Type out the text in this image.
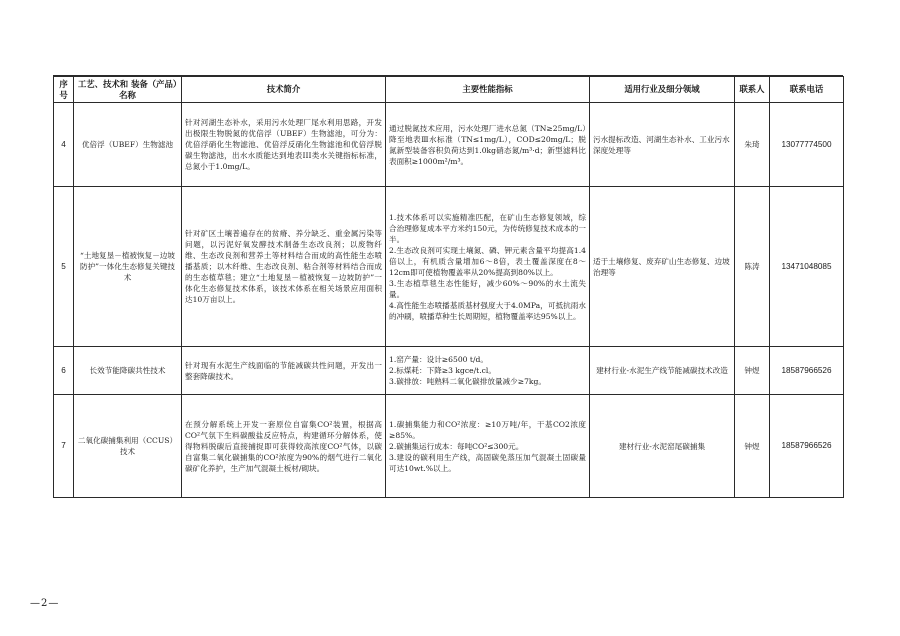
序号	工艺、技术和 装备（产品）名称	技术简介	主要性能指标	适用行业及细分领域	联系人	联系电话
4	优倍浮（UBEF）生物滤池	针对河湖生态补水，采用污水处理厂尾水利用思路，开发出极限生物脱氮的优倍浮（UBEF）生物滤池，可分为：优倍浮硝化生物滤池、优倍浮反硝化生物滤池和优倍浮脱碳生物滤池，出水水质能达到地表III类水关键指标标准，总氮小于1.0mg/L。	通过脱氮技术应用，污水处理厂进水总氮（TN≥25mg/L）降至地表Ⅲ水标准（TN≤1mg/L），COD≤20mg/L；脱氮新型装备容积负荷达到1.0kg硝态氮/m³·d；新型滤料比表面积≥1000m²/m³。	污水提标改造、河湖生态补水、工业污水深度处理等	朱琦	13077774500
5	“土地复垦－植被恢复－边坡防护”一体化生态修复关键技术	针对矿区土壤普遍存在的贫瘠、养分缺乏、重金属污染等问题，以污泥好氧发酵技术制备生态改良剂；以废物纤维、生态改良剂和营养土等材料结合而成的高性能生态喷播基质；以木纤维、生态改良剂、粘合剂等材料结合而成的生态植草毯；建立“土地复垦－植被恢复－边坡防护”一体化生态修复技术体系，该技术体系在相关场景应用面积达10万亩以上。	1.技术体系可以实施精准匹配，在矿山生态修复领域，综合治理修复成本平方米约150元，为传统修复技术成本的一半。
2.生态改良剂可实现土壤氮、磷、钾元素含量平均提高1.4倍以上，有机质含量增加6～8倍，表土覆盖深度在8～12cm即可使植物覆盖率从20%提高到80%以上。
3.生态植草毯生态性能好，减少60%～90%的水土流失量。
4.高性能生态喷播基质基材强度大于4.0MPa，可抵抗雨水的冲刷，喷播草种生长周期短，植物覆盖率达95%以上。	适于土壤修复、废弃矿山生态修复、边坡治理等	陈涛	13471048085
6	长效节能降碳共性技术	针对现有水泥生产线面临的节能减碳共性问题，开发出一整套降碳技术。	1.窑产量：设计≥6500 t/d。
2.标煤耗：下降≥3 kgce/t.cl。
3.碳排放：吨熟料二氧化碳排放量减少≥7kg。	建材行业-水泥生产线节能减碳技术改造	钟煜	18587966526
7	二氧化碳捕集利用（CCUS）技术	在预分解系统上开发一套原位自富集CO²装置，根据高CO²气氛下生料碳酸盐反应特点，构建循环分解体系，使得物料脱碳后直接捕捉即可获得较高浓度CO²气体，以碳自富集二氧化碳捕集的CO²浓度为90%的烟气进行二氧化碳矿化养护，生产加气混凝土板材/砌块。	1.碳捕集能力和CO²浓度：≥10万吨/年，干基CO2浓度≥85%。
2.碳捕集运行成本：每吨CO²≤300元。
3.建设的碳利用生产线，高固碳免蒸压加气混凝土固碳量可达10wt.%以上。	建材行业-水泥窑尾碳捕集	钟煜	18587966526
—2—
